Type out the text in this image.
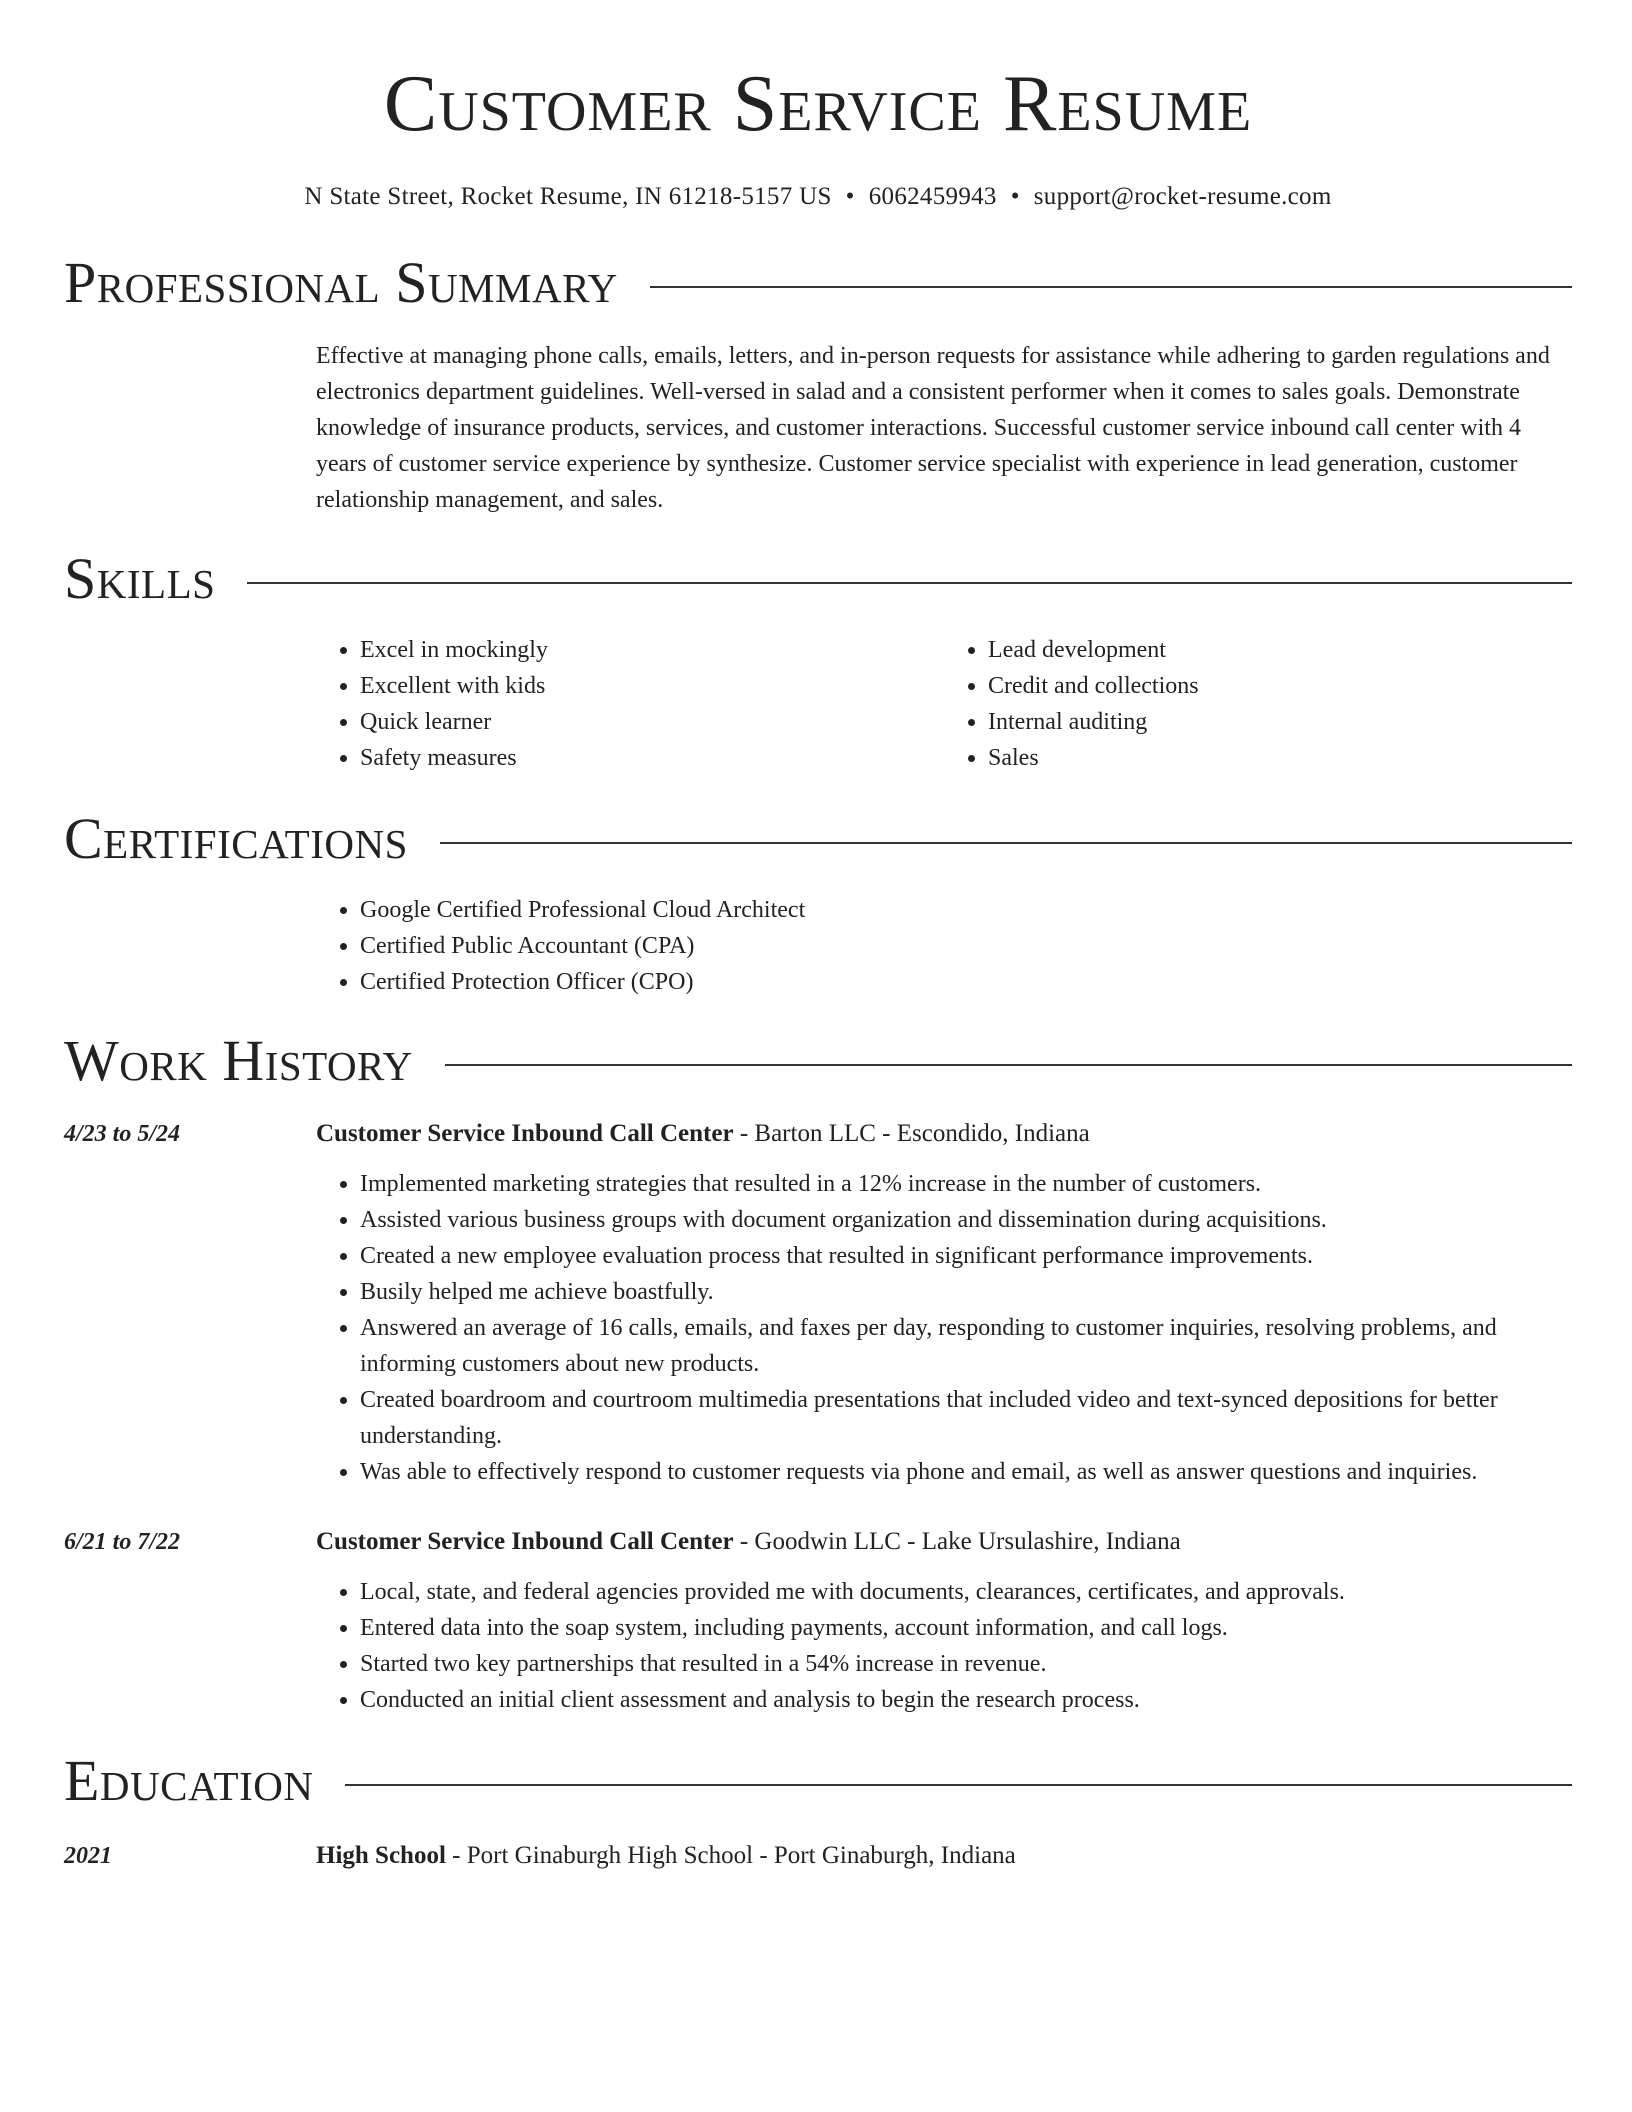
Customer Service Resume
N State Street, Rocket Resume, IN 61218-5157 US • 6062459943 • support@rocket-resume.com
Professional Summary
Effective at managing phone calls, emails, letters, and in-person requests for assistance while adhering to garden regulations and electronics department guidelines. Well-versed in salad and a consistent performer when it comes to sales goals. Demonstrate knowledge of insurance products, services, and customer interactions. Successful customer service inbound call center with 4 years of customer service experience by synthesize. Customer service specialist with experience in lead generation, customer relationship management, and sales.
Skills
• Excel in mockingly
• Excellent with kids
• Quick learner
• Safety measures
• Lead development
• Credit and collections
• Internal auditing
• Sales
Certifications
• Google Certified Professional Cloud Architect
• Certified Public Accountant (CPA)
• Certified Protection Officer (CPO)
Work History
4/23 to 5/24	Customer Service Inbound Call Center - Barton LLC - Escondido, Indiana
• Implemented marketing strategies that resulted in a 12% increase in the number of customers.
• Assisted various business groups with document organization and dissemination during acquisitions.
• Created a new employee evaluation process that resulted in significant performance improvements.
• Busily helped me achieve boastfully.
• Answered an average of 16 calls, emails, and faxes per day, responding to customer inquiries, resolving problems, and informing customers about new products.
• Created boardroom and courtroom multimedia presentations that included video and text-synced depositions for better understanding.
• Was able to effectively respond to customer requests via phone and email, as well as answer questions and inquiries.
6/21 to 7/22	Customer Service Inbound Call Center - Goodwin LLC - Lake Ursulashire, Indiana
• Local, state, and federal agencies provided me with documents, clearances, certificates, and approvals.
• Entered data into the soap system, including payments, account information, and call logs.
• Started two key partnerships that resulted in a 54% increase in revenue.
• Conducted an initial client assessment and analysis to begin the research process.
Education
2021	High School - Port Ginaburgh High School - Port Ginaburgh, Indiana
